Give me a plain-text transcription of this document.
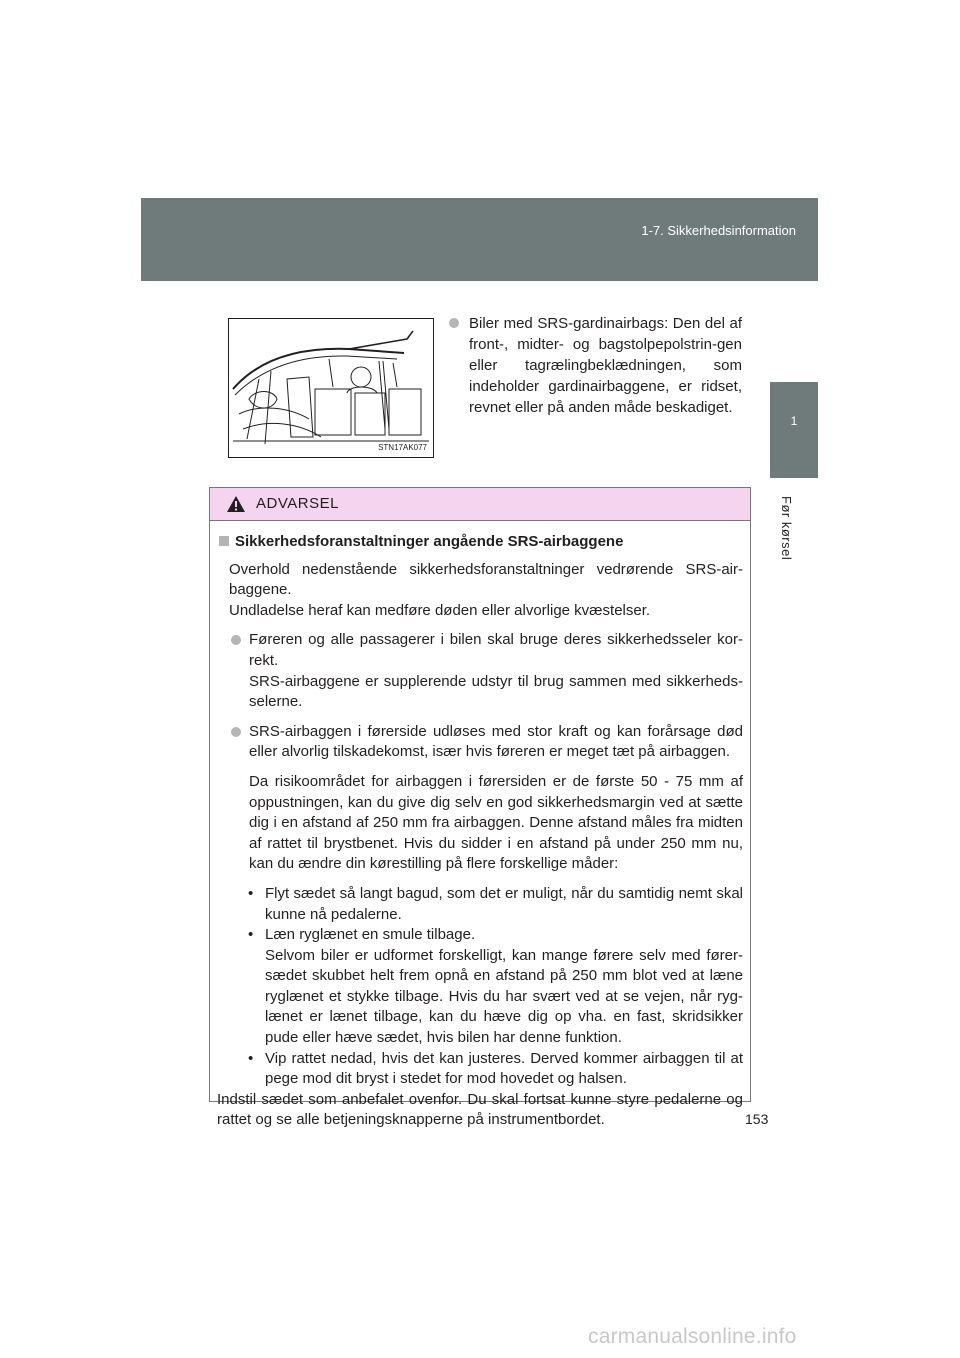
1-7. Sikkerhedsinformation
1
Før kørsel
STN17AK077
Biler med SRS-gardinairbags: Den del af front-, midter- og bagstolpepolstrin-gen eller tagrælingbeklædningen, som indeholder gardinairbaggene, er ridset, revnet eller på anden måde beskadiget.
ADVARSEL
Sikkerhedsforanstaltninger angående SRS-airbaggene
Overhold nedenstående sikkerhedsforanstaltninger vedrørende SRS-air-baggene.
Undladelse heraf kan medføre døden eller alvorlige kvæstelser.
Føreren og alle passagerer i bilen skal bruge deres sikkerhedsseler kor-rekt.
SRS-airbaggene er supplerende udstyr til brug sammen med sikkerheds-selerne.
SRS-airbaggen i førerside udløses med stor kraft og kan forårsage død eller alvorlig tilskadekomst, især hvis føreren er meget tæt på airbaggen.
Da risikoområdet for airbaggen i førersiden er de første 50 - 75 mm af oppustningen, kan du give dig selv en god sikkerhedsmargin ved at sætte dig i en afstand af 250 mm fra airbaggen. Denne afstand måles fra midten af rattet til brystbenet. Hvis du sidder i en afstand på under 250 mm nu, kan du ændre din kørestilling på flere forskellige måder:
• Flyt sædet så langt bagud, som det er muligt, når du samtidig nemt skal kunne nå pedalerne.
• Læn ryglænet en smule tilbage.
Selvom biler er udformet forskelligt, kan mange førere selv med fører-sædet skubbet helt frem opnå en afstand på 250 mm blot ved at læne ryglænet et stykke tilbage. Hvis du har svært ved at se vejen, når ryg-lænet er lænet tilbage, kan du hæve dig op vha. en fast, skridsikker pude eller hæve sædet, hvis bilen har denne funktion.
• Vip rattet nedad, hvis det kan justeres. Derved kommer airbaggen til at pege mod dit bryst i stedet for mod hovedet og halsen.
Indstil sædet som anbefalet ovenfor. Du skal fortsat kunne styre pedalerne og rattet og se alle betjeningsknapperne på instrumentbordet.	153
carmanualsonline.info
